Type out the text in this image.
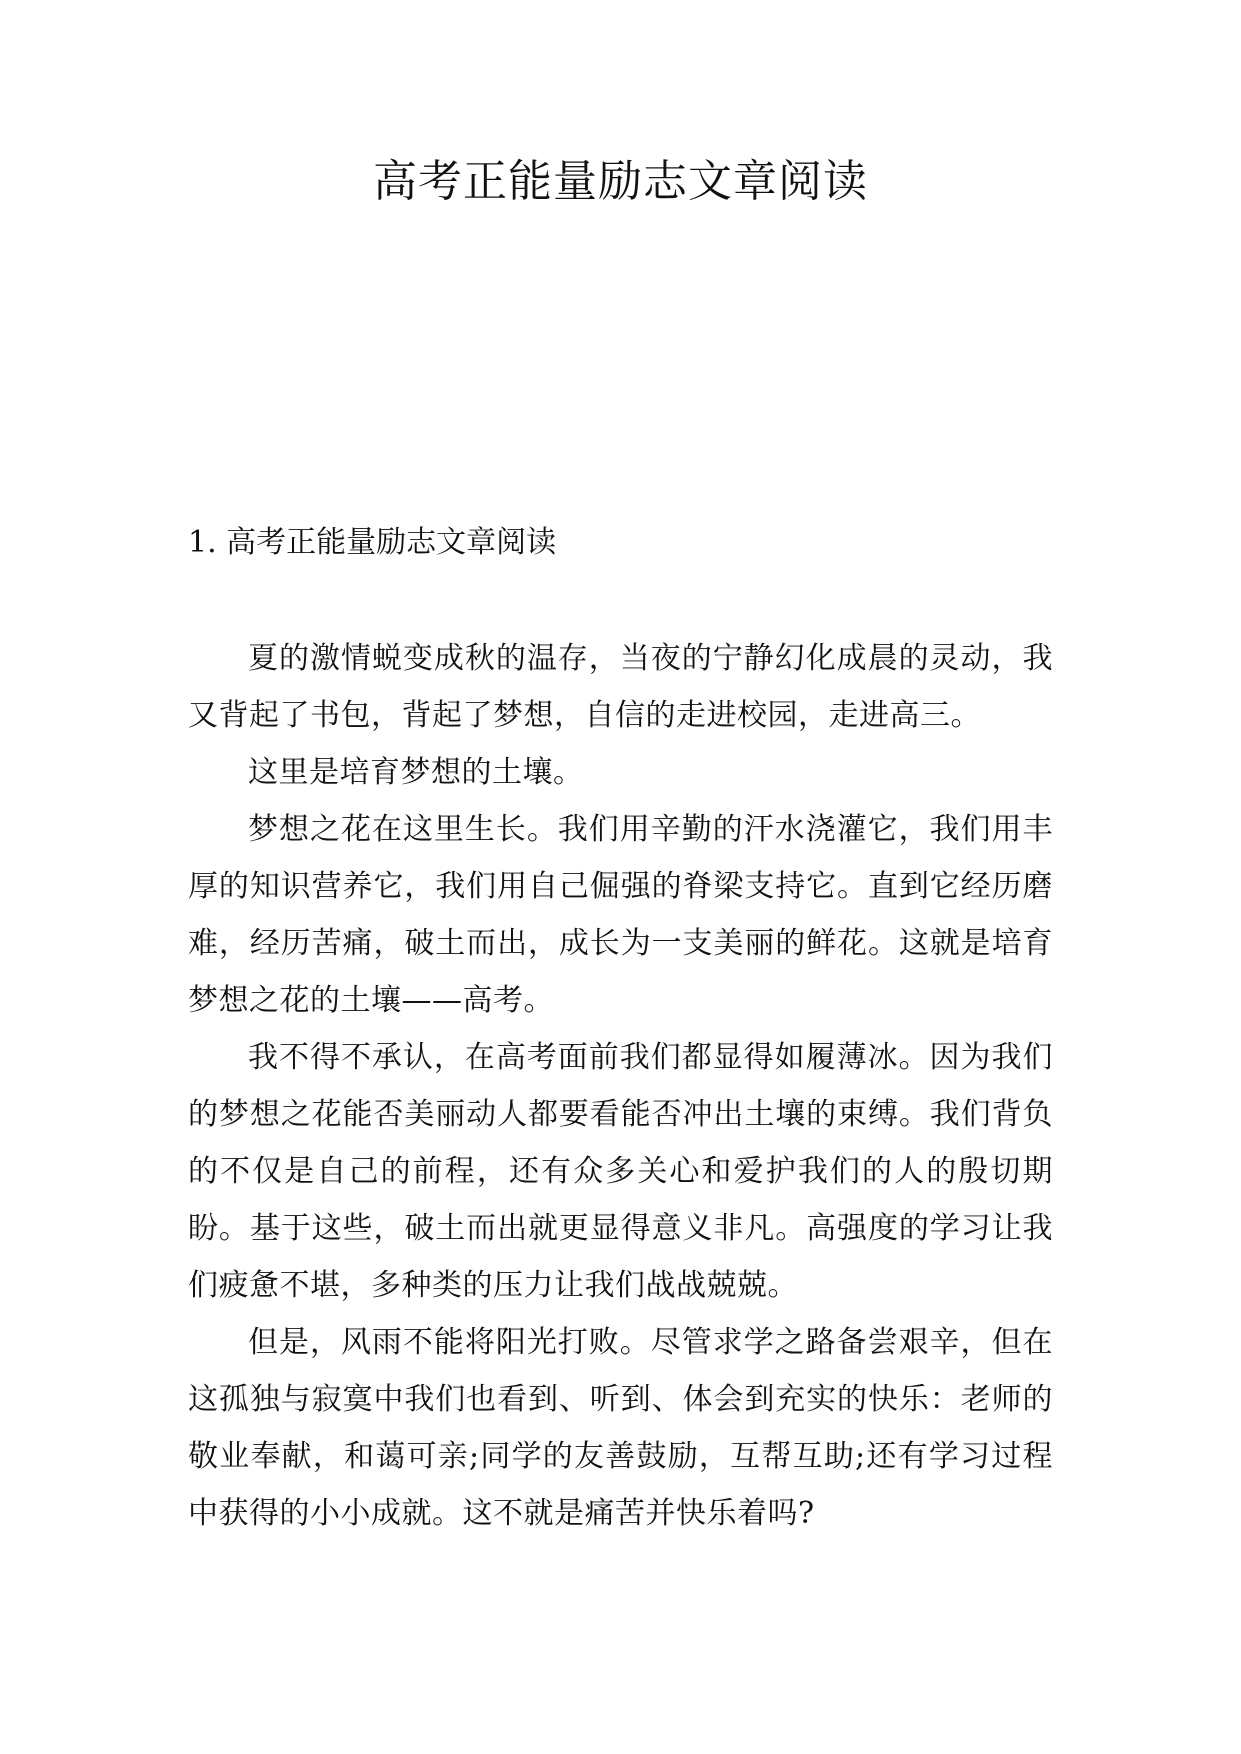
高考正能量励志文章阅读
1. 高考正能量励志文章阅读

夏的激情蜕变成秋的温存，当夜的宁静幻化成晨的灵动，我又背起了书包，背起了梦想，自信的走进校园，走进高三。

这里是培育梦想的土壤。

梦想之花在这里生长。我们用辛勤的汗水浇灌它，我们用丰厚的知识营养它，我们用自己倔强的脊梁支持它。直到它经历磨难，经历苦痛，破土而出，成长为一支美丽的鲜花。这就是培育梦想之花的土壤——高考。

我不得不承认，在高考面前我们都显得如履薄冰。因为我们的梦想之花能否美丽动人都要看能否冲出土壤的束缚。我们背负的不仅是自己的前程，还有众多关心和爱护我们的人的殷切期盼。基于这些，破土而出就更显得意义非凡。高强度的学习让我们疲惫不堪，多种类的压力让我们战战兢兢。

但是，风雨不能将阳光打败。尽管求学之路备尝艰辛，但在这孤独与寂寞中我们也看到、听到、体会到充实的快乐：老师的敬业奉献，和蔼可亲;同学的友善鼓励，互帮互助;还有学习过程中获得的小小成就。这不就是痛苦并快乐着吗?
